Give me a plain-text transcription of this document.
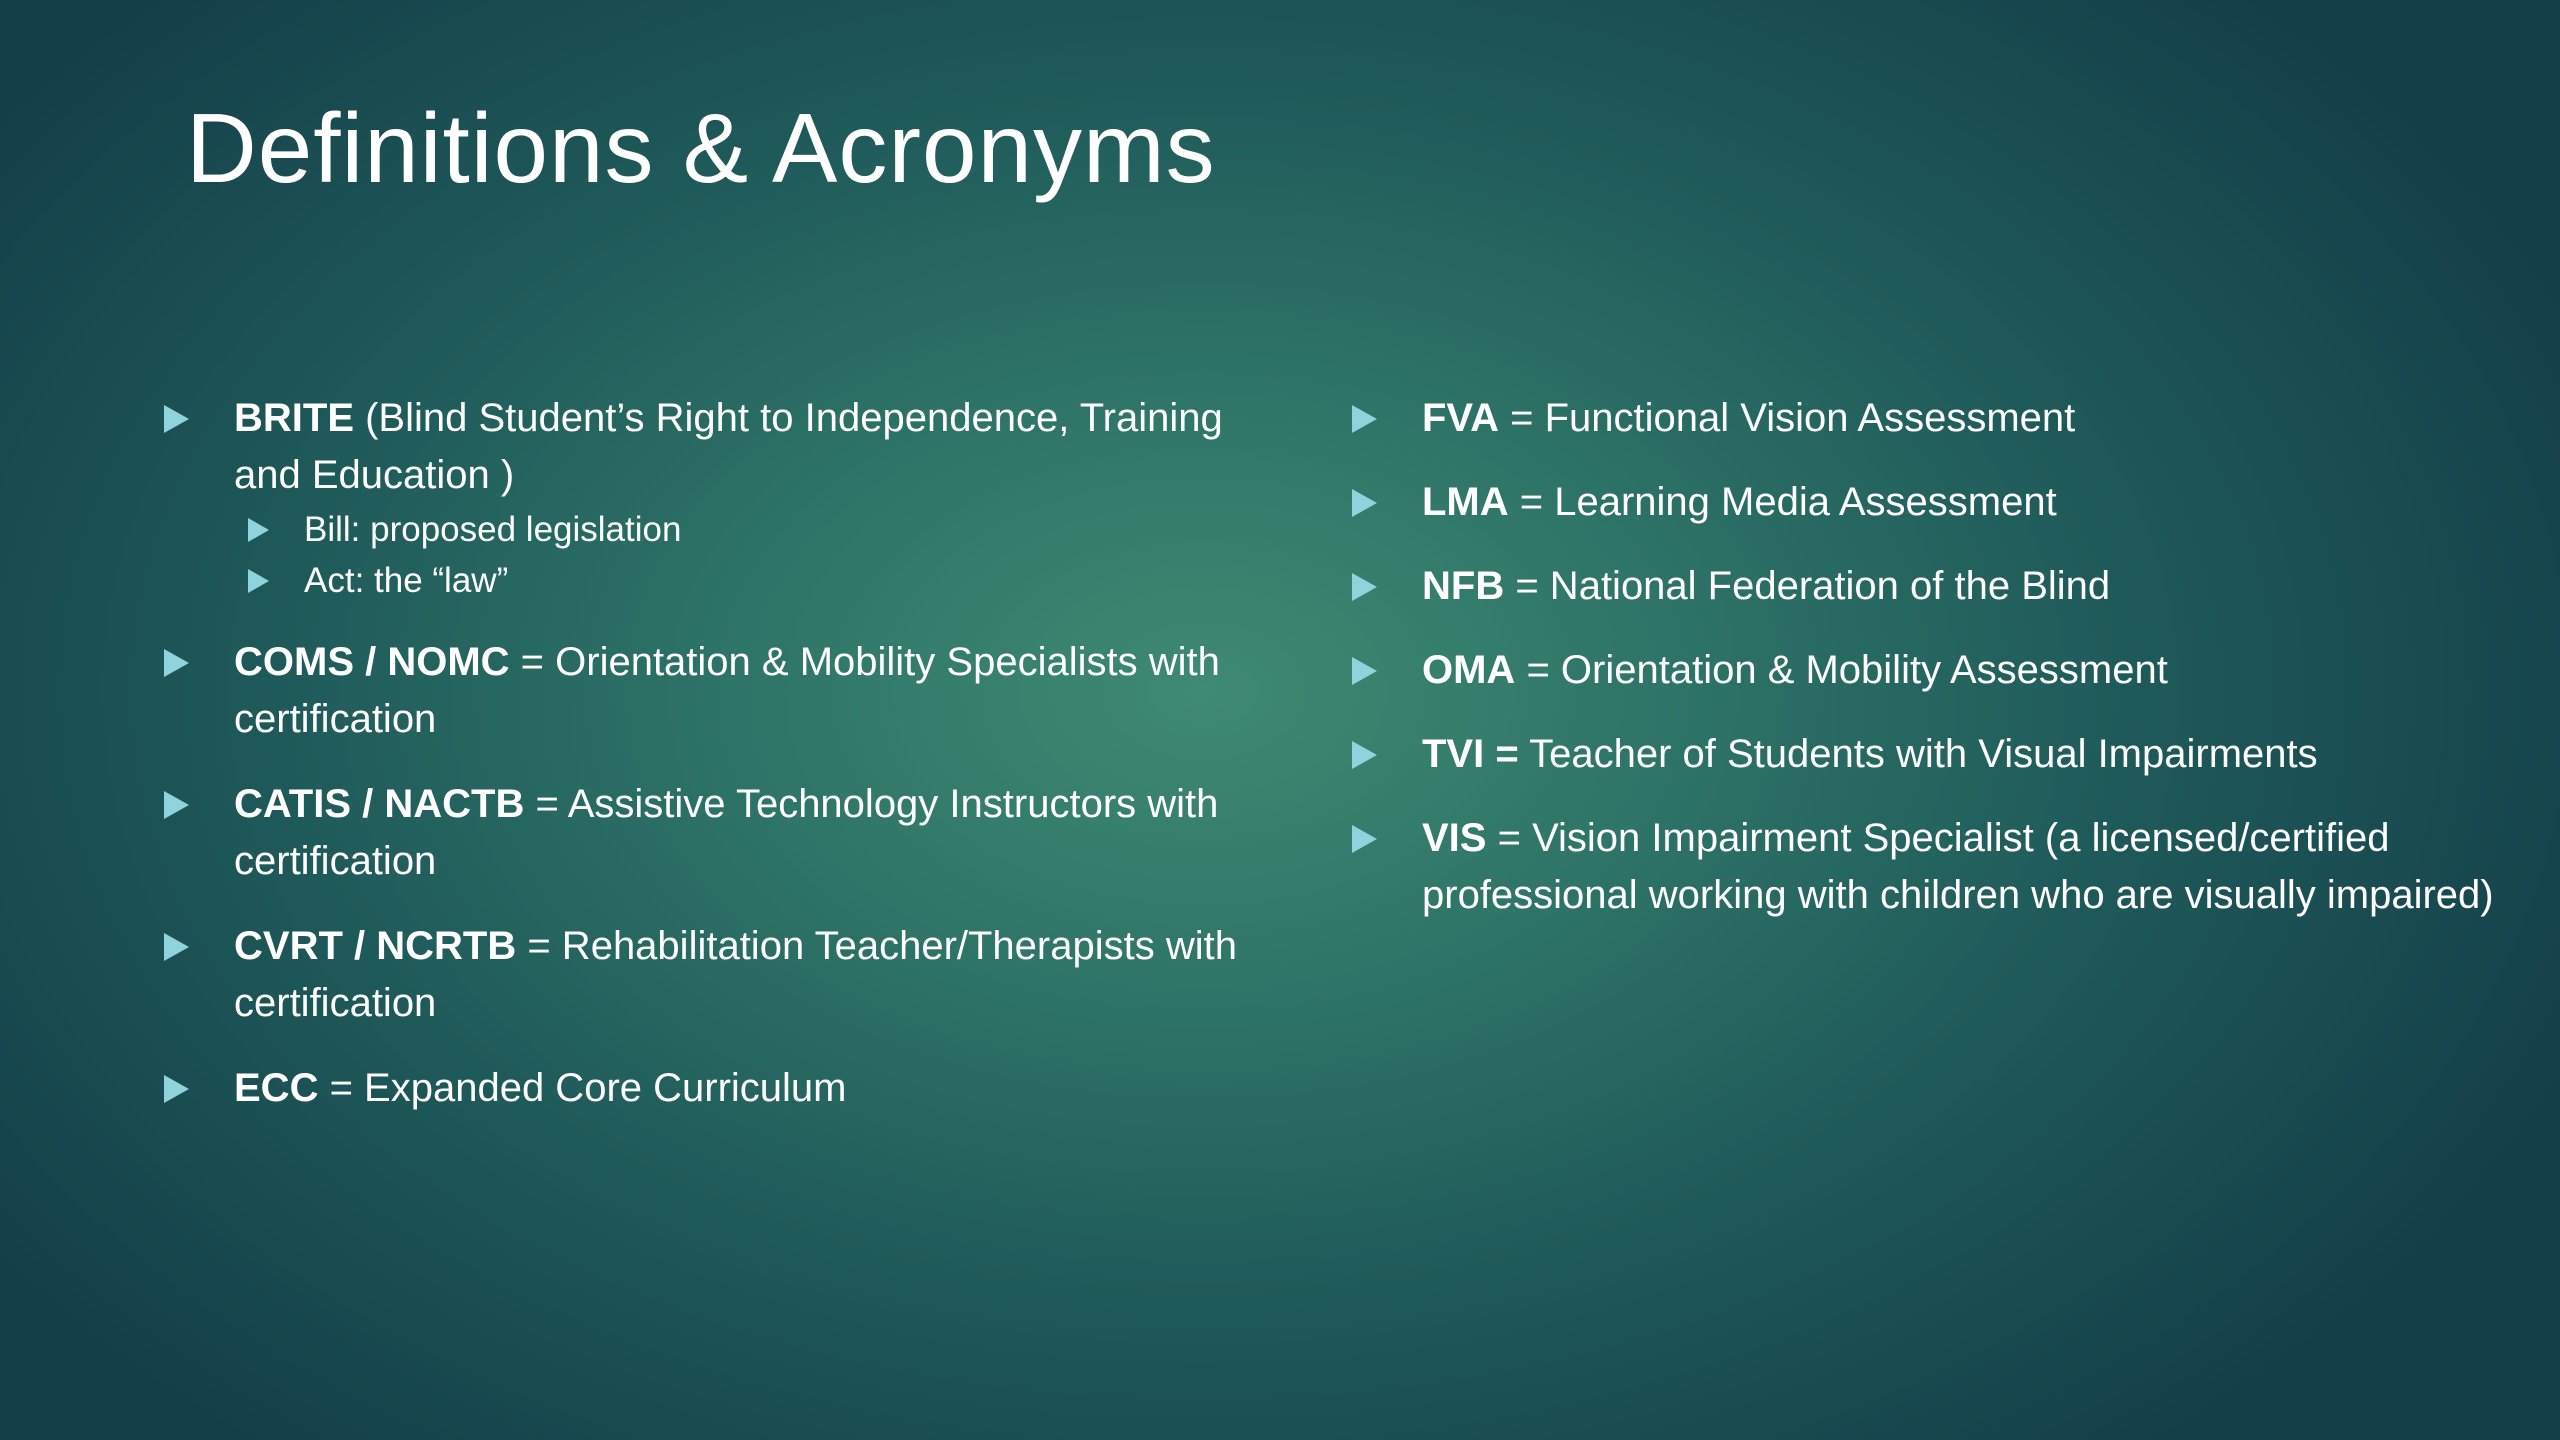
Definitions & Acronyms
BRITE (Blind Student’s Right to Independence, Training and Education )
Bill: proposed legislation
Act: the “law”
COMS / NOMC = Orientation & Mobility Specialists with certification
CATIS / NACTB = Assistive Technology Instructors with certification
CVRT / NCRTB = Rehabilitation Teacher/Therapists with certification
ECC = Expanded Core Curriculum
FVA = Functional Vision Assessment
LMA = Learning Media Assessment
NFB = National Federation of the Blind
OMA = Orientation & Mobility Assessment
TVI = Teacher of Students with Visual Impairments
VIS = Vision Impairment Specialist (a licensed/certified professional working with children who are visually impaired)
